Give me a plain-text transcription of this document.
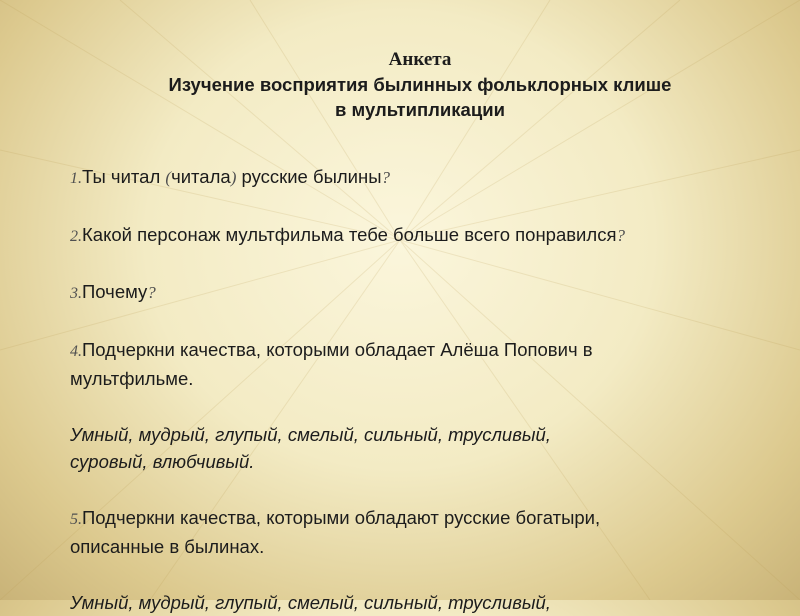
Анкета

Изучение восприятия былинных фольклорных клише

в мультипликации

1.Ты читал (читала) русские былины?

2.Какой персонаж мультфильма тебе больше всего понравился?

3.Почему?

4.Подчеркни качества, которыми обладает Алёша Попович в
мультфильме.

Умный, мудрый, глупый, смелый, сильный, трусливый,
суровый, влюбчивый.

5.Подчеркни качества, которыми обладают русские богатыри,
описанные в былинах.

Умный, мудрый, глупый, смелый, сильный, трусливый,
